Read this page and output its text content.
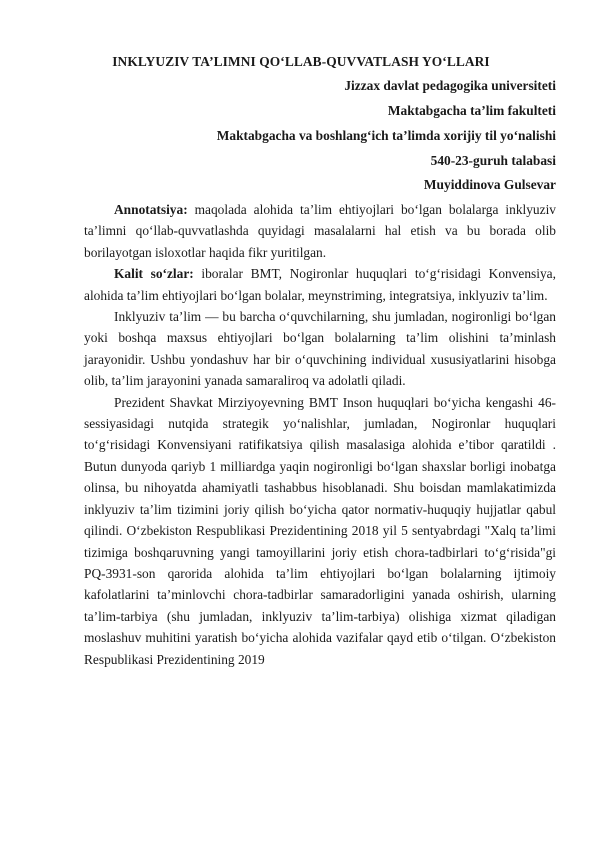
INKLYUZIV TA’LIMNI QO‘LLAB-QUVVATLASH YO‘LLARI
Jizzax davlat pedagogika universiteti
Maktabgacha ta’lim fakulteti
Maktabgacha va boshlang‘ich ta’limda xorijiy til yo‘nalishi
540-23-guruh talabasi
Muyiddinova Gulsevar

Annotatsiya: maqolada alohida ta’lim ehtiyojlari bo‘lgan bolalarga inklyuziv ta’limni qo‘llab-quvvatlashda quyidagi masalalarni hal etish va bu borada olib borilayotgan isloxotlar haqida fikr yuritilgan.

Kalit so‘zlar: iboralar BMT, Nogironlar huquqlari to‘g‘risidagi Konvensiya, alohida ta’lim ehtiyojlari bo‘lgan bolalar, meynstriming, integratsiya, inklyuziv ta’lim.

Inklyuziv ta’lim — bu barcha o‘quvchilarning, shu jumladan, nogironligi bo‘lgan yoki boshqa maxsus ehtiyojlari bo‘lgan bolalarning ta’lim olishini ta’minlash jarayonidir. Ushbu yondashuv har bir o‘quvchining individual xususiyatlarini hisobga olib, ta’lim jarayonini yanada samaraliroq va adolatli qiladi.

Prezident Shavkat Mirziyoyevning BMT Inson huquqlari bo‘yicha kengashi 46- sessiyasidagi nutqida strategik yo‘nalishlar, jumladan, Nogironlar huquqlari to‘g‘risidagi Konvensiyani ratifikatsiya qilish masalasiga alohida e’tibor qaratildi . Butun dunyoda qariyb 1 milliardga yaqin nogironligi bo‘lgan shaxslar borligi inobatga olinsa, bu nihoyatda ahamiyatli tashabbus hisoblanadi. Shu boisdan mamlakatimizda inklyuziv ta’lim tizimini joriy qilish bo‘yicha qator normativ-huquqiy hujjatlar qabul qilindi. O‘zbekiston Respublikasi Prezidentining 2018 yil 5 sentyabrdagi "Xalq ta’limi tizimiga boshqaruvning yangi tamoyillarini joriy etish chora-tadbirlari to‘g‘risida"gi PQ-3931-son qarorida alohida ta’lim ehtiyojlari bo‘lgan bolalarning ijtimoiy kafolatlarini ta’minlovchi chora-tadbirlar samaradorligini yanada oshirish, ularning ta’lim-tarbiya (shu jumladan, inklyuziv ta’lim-tarbiya) olishiga xizmat qiladigan moslashuv muhitini yaratish bo‘yicha alohida vazifalar qayd etib o‘tilgan. O‘zbekiston Respublikasi Prezidentining 2019
